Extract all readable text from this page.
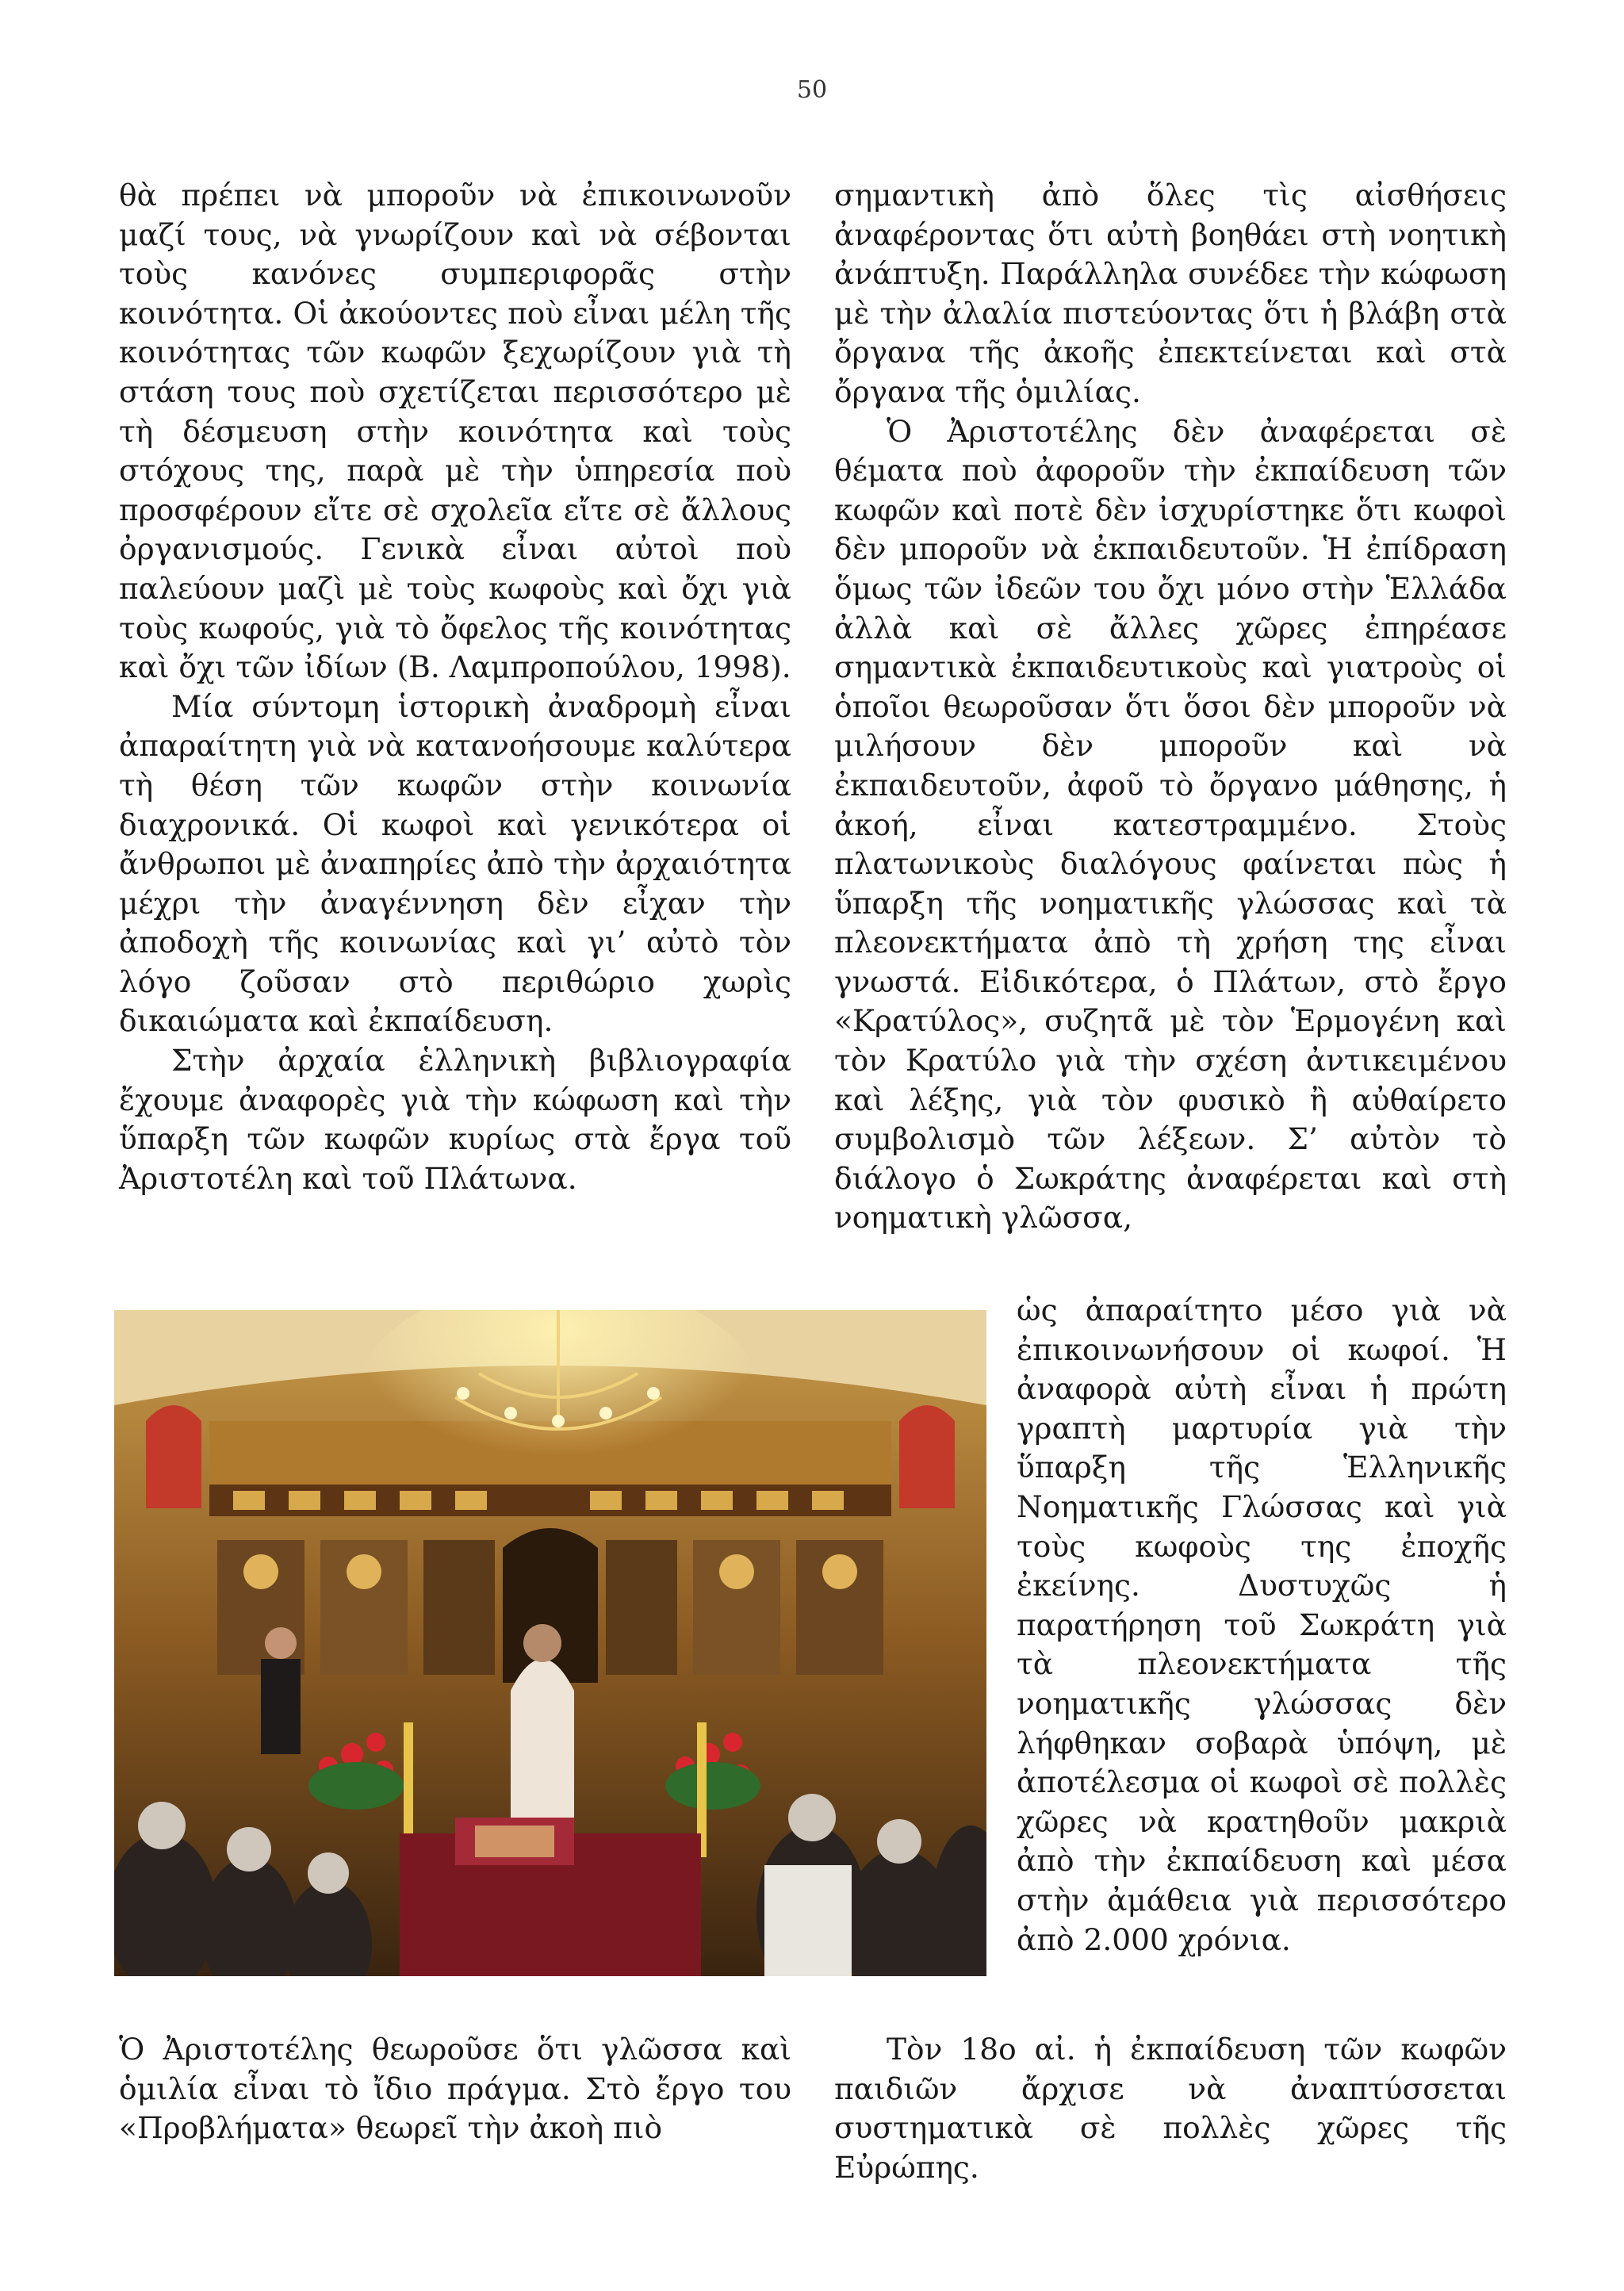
50

θὰ πρέπει νὰ μποροῦν νὰ ἐπικοινωνοῦν μαζί τους, νὰ γνωρίζουν καὶ νὰ σέβονται τοὺς κανόνες συμπεριφορᾶς στὴν κοινότητα. Οἱ ἀκούοντες ποὺ εἶναι μέλη τῆς κοινότητας τῶν κωφῶν ξεχωρίζουν γιὰ τὴ στάση τους ποὺ σχετίζεται περισσότερο μὲ τὴ δέσμευση στὴν κοινότητα καὶ τοὺς στόχους της, παρὰ μὲ τὴν ὑπηρεσία ποὺ προσφέρουν εἴτε σὲ σχολεῖα εἴτε σὲ ἄλλους ὀργανισμούς. Γενικὰ εἶναι αὐτοὶ ποὺ παλεύουν μαζὶ μὲ τοὺς κωφοὺς καὶ ὄχι γιὰ τοὺς κωφούς, γιὰ τὸ ὄφελος τῆς κοινότητας καὶ ὄχι τῶν ἰδίων (Β. Λαμπροπούλου, 1998).

Μία σύντομη ἱστορικὴ ἀναδρομὴ εἶναι ἀπαραίτητη γιὰ νὰ κατανοήσουμε καλύτερα τὴ θέση τῶν κωφῶν στὴν κοινωνία διαχρονικά. Οἱ κωφοὶ καὶ γενικότερα οἱ ἄνθρωποι μὲ ἀναπηρίες ἀπὸ τὴν ἀρχαιότητα μέχρι τὴν ἀναγέννηση δὲν εἶχαν τὴν ἀποδοχὴ τῆς κοινωνίας καὶ γι’ αὐτὸ τὸν λόγο ζοῦσαν στὸ περιθώριο χωρὶς δικαιώματα καὶ ἐκπαίδευση.

Στὴν ἀρχαία ἑλληνικὴ βιβλιογραφία ἔχουμε ἀναφορὲς γιὰ τὴν κώφωση καὶ τὴν ὕπαρξη τῶν κωφῶν κυρίως στὰ ἔργα τοῦ Ἀριστοτέλη καὶ τοῦ Πλάτωνα.

σημαντικὴ ἀπὸ ὅλες τὶς αἰσθήσεις ἀναφέροντας ὅτι αὐτὴ βοηθάει στὴ νοητικὴ ἀνάπτυξη. Παράλληλα συνέδεε τὴν κώφωση μὲ τὴν ἀλαλία πιστεύοντας ὅτι ἡ βλάβη στὰ ὄργανα τῆς ἀκοῆς ἐπεκτείνεται καὶ στὰ ὄργανα τῆς ὁμιλίας.

Ὁ Ἀριστοτέλης δὲν ἀναφέρεται σὲ θέματα ποὺ ἀφοροῦν τὴν ἐκπαίδευση τῶν κωφῶν καὶ ποτὲ δὲν ἰσχυρίστηκε ὅτι κωφοὶ δὲν μποροῦν νὰ ἐκπαιδευτοῦν. Ἡ ἐπίδραση ὅμως τῶν ἰδεῶν του ὄχι μόνο στὴν Ἑλλάδα ἀλλὰ καὶ σὲ ἄλλες χῶρες ἐπηρέασε σημαντικὰ ἐκπαιδευτικοὺς καὶ γιατροὺς οἱ ὁποῖοι θεωροῦσαν ὅτι ὅσοι δὲν μποροῦν νὰ μιλήσουν δὲν μποροῦν καὶ νὰ ἐκπαιδευτοῦν, ἀφοῦ τὸ ὄργανο μάθησης, ἡ ἀκοή, εἶναι κατεστραμμένο. Στοὺς πλατωνικοὺς διαλόγους φαίνεται πὼς ἡ ὕπαρξη τῆς νοηματικῆς γλώσσας καὶ τὰ πλεονεκτήματα ἀπὸ τὴ χρήση της εἶναι γνωστά. Εἰδικότερα, ὁ Πλάτων, στὸ ἔργο «Κρατύλος», συζητᾶ μὲ τὸν Ἑρμογένη καὶ τὸν Κρατύλο γιὰ τὴν σχέση ἀντικειμένου καὶ λέξης, γιὰ τὸν φυσικὸ ἢ αὐθαίρετο συμβολισμὸ τῶν λέξεων. Σ’ αὐτὸν τὸ διάλογο ὁ Σωκράτης ἀναφέρεται καὶ στὴ νοηματικὴ γλῶσσα,

ὡς ἀπαραίτητο μέσο γιὰ νὰ ἐπικοινωνήσουν οἱ κωφοί. Ἡ ἀναφορὰ αὐτὴ εἶναι ἡ πρώτη γραπτὴ μαρτυρία γιὰ τὴν ὕπαρξη τῆς Ἑλληνικῆς Νοηματικῆς Γλώσσας καὶ γιὰ τοὺς κωφοὺς της ἐποχῆς ἐκείνης. Δυστυχῶς ἡ παρατήρηση τοῦ Σωκράτη γιὰ τὰ πλεονεκτήματα τῆς νοηματικῆς γλώσσας δὲν λήφθηκαν σοβαρὰ ὑπόψη, μὲ ἀποτέλεσμα οἱ κωφοὶ σὲ πολλὲς χῶρες νὰ κρατηθοῦν μακριὰ ἀπὸ τὴν ἐκπαίδευση καὶ μέσα στὴν ἀμάθεια γιὰ περισσότερο ἀπὸ 2.000 χρόνια.

Ὁ Ἀριστοτέλης θεωροῦσε ὅτι γλῶσσα καὶ ὁμιλία εἶναι τὸ ἴδιο πράγμα. Στὸ ἔργο του «Προβλήματα» θεωρεῖ τὴν ἀκοὴ πιὸ

Τὸν 18ο αἰ. ἡ ἐκπαίδευση τῶν κωφῶν παιδιῶν ἄρχισε νὰ ἀναπτύσσεται συστηματικὰ σὲ πολλὲς χῶρες τῆς Εὐρώπης.
